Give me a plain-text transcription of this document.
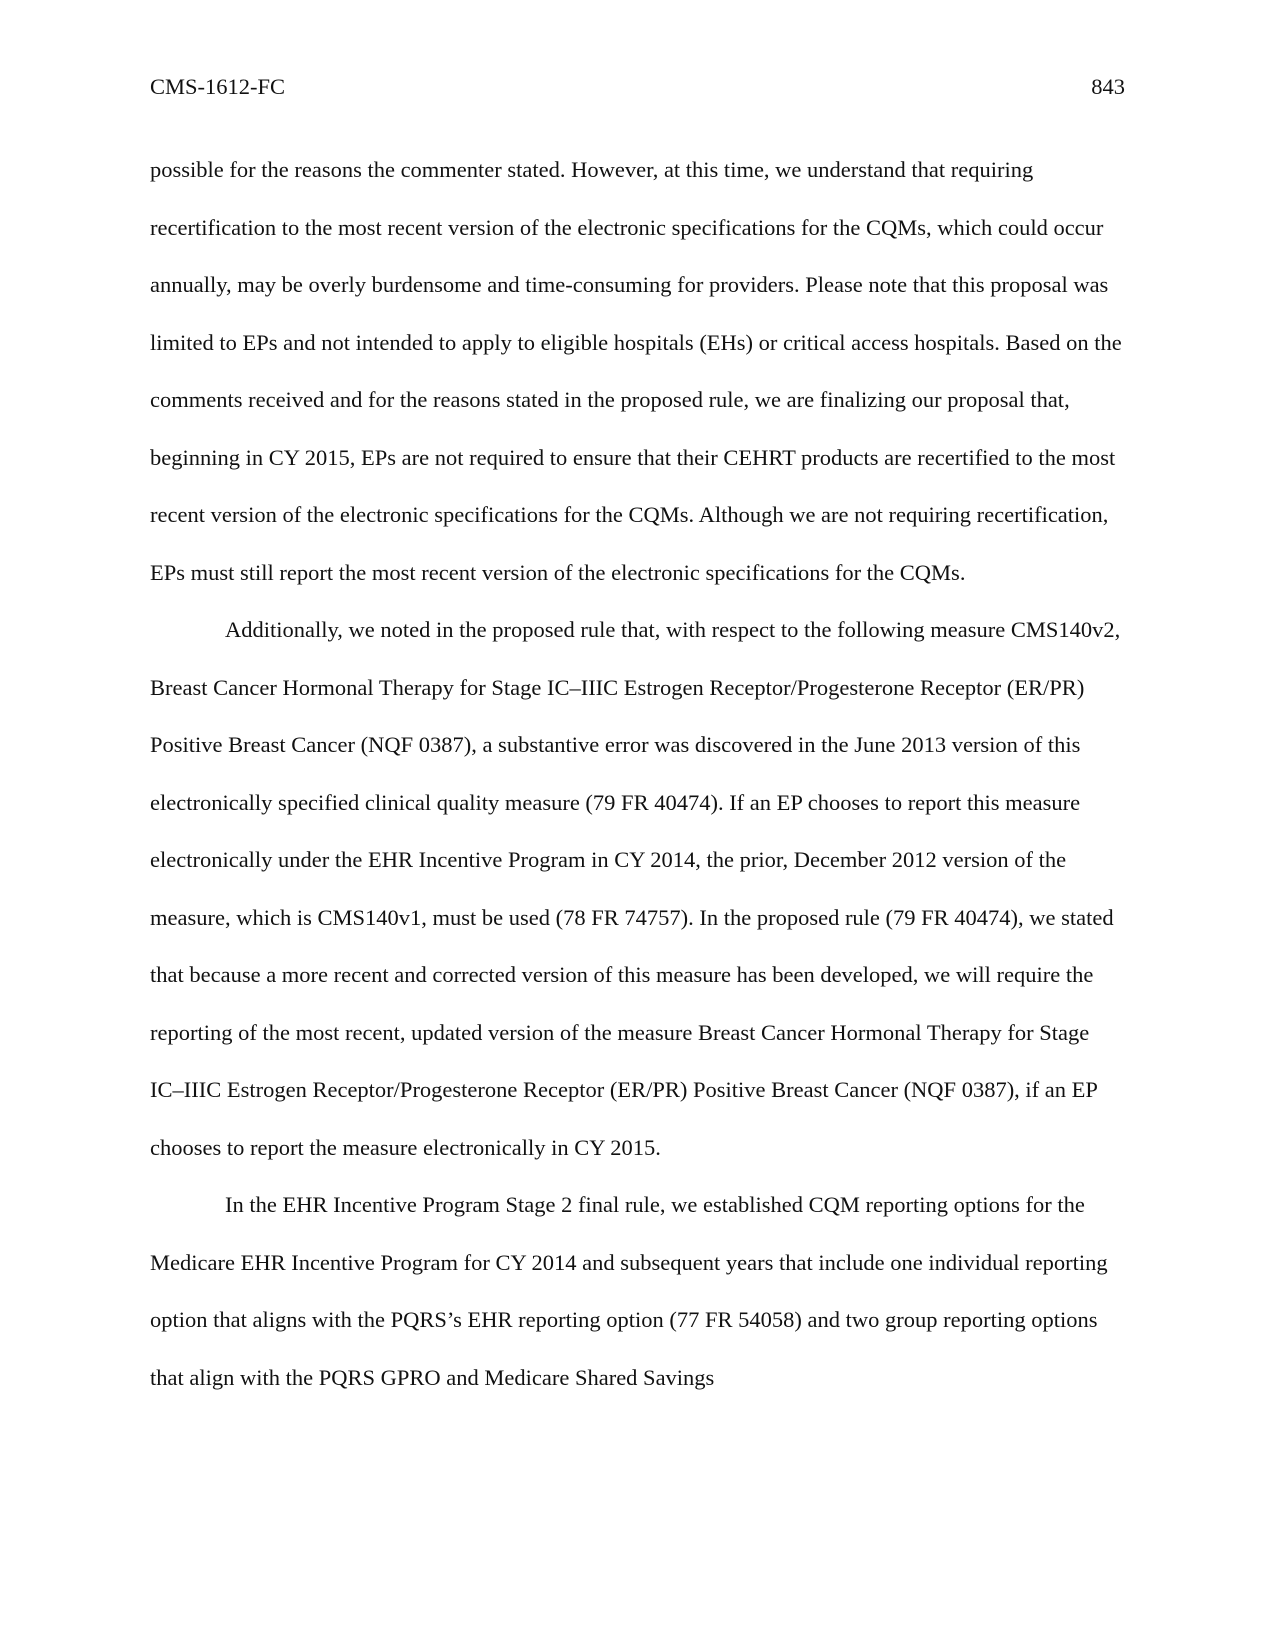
CMS-1612-FC	843

possible for the reasons the commenter stated. However, at this time, we understand that requiring recertification to the most recent version of the electronic specifications for the CQMs, which could occur annually, may be overly burdensome and time-consuming for providers. Please note that this proposal was limited to EPs and not intended to apply to eligible hospitals (EHs) or critical access hospitals. Based on the comments received and for the reasons stated in the proposed rule, we are finalizing our proposal that, beginning in CY 2015, EPs are not required to ensure that their CEHRT products are recertified to the most recent version of the electronic specifications for the CQMs. Although we are not requiring recertification, EPs must still report the most recent version of the electronic specifications for the CQMs.

Additionally, we noted in the proposed rule that, with respect to the following measure CMS140v2, Breast Cancer Hormonal Therapy for Stage IC–IIIC Estrogen Receptor/Progesterone Receptor (ER/PR) Positive Breast Cancer (NQF 0387), a substantive error was discovered in the June 2013 version of this electronically specified clinical quality measure (79 FR 40474). If an EP chooses to report this measure electronically under the EHR Incentive Program in CY 2014, the prior, December 2012 version of the measure, which is CMS140v1, must be used (78 FR 74757). In the proposed rule (79 FR 40474), we stated that because a more recent and corrected version of this measure has been developed, we will require the reporting of the most recent, updated version of the measure Breast Cancer Hormonal Therapy for Stage IC–IIIC Estrogen Receptor/Progesterone Receptor (ER/PR) Positive Breast Cancer (NQF 0387), if an EP chooses to report the measure electronically in CY 2015.

In the EHR Incentive Program Stage 2 final rule, we established CQM reporting options for the Medicare EHR Incentive Program for CY 2014 and subsequent years that include one individual reporting option that aligns with the PQRS’s EHR reporting option (77 FR 54058) and two group reporting options that align with the PQRS GPRO and Medicare Shared Savings
